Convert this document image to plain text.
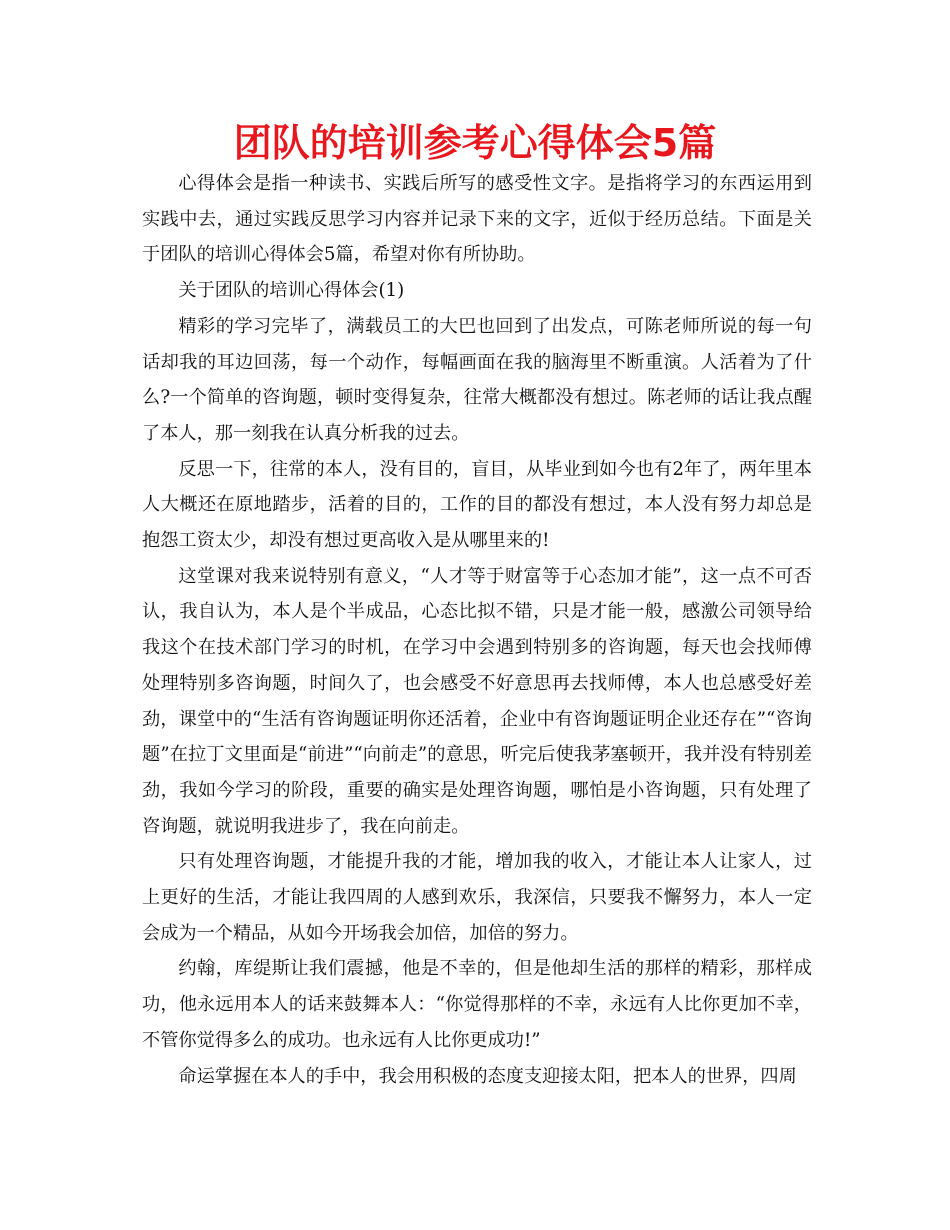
团队的培训参考心得体会5篇

心得体会是指一种读书、实践后所写的感受性文字。是指将学习的东西运用到实践中去，通过实践反思学习内容并记录下来的文字，近似于经历总结。下面是关于团队的培训心得体会5篇，希望对你有所协助。

关于团队的培训心得体会(1)

精彩的学习完毕了，满载员工的大巴也回到了出发点，可陈老师所说的每一句话却我的耳边回荡，每一个动作，每幅画面在我的脑海里不断重演。人活着为了什么?一个简单的咨询题，顿时变得复杂，往常大概都没有想过。陈老师的话让我点醒了本人，那一刻我在认真分析我的过去。

反思一下，往常的本人，没有目的，盲目，从毕业到如今也有2年了，两年里本人大概还在原地踏步，活着的目的，工作的目的都没有想过，本人没有努力却总是抱怨工资太少，却没有想过更高收入是从哪里来的!

这堂课对我来说特别有意义，“人才等于财富等于心态加才能”，这一点不可否认，我自认为，本人是个半成品，心态比拟不错，只是才能一般，感激公司领导给我这个在技术部门学习的时机，在学习中会遇到特别多的咨询题，每天也会找师傅处理特别多咨询题，时间久了，也会感受不好意思再去找师傅，本人也总感受好差劲，课堂中的“生活有咨询题证明你还活着，企业中有咨询题证明企业还存在”“咨询题”在拉丁文里面是“前进”“向前走”的意思，听完后使我茅塞顿开，我并没有特别差劲，我如今学习的阶段，重要的确实是处理咨询题，哪怕是小咨询题，只有处理了咨询题，就说明我进步了，我在向前走。

只有处理咨询题，才能提升我的才能，增加我的收入，才能让本人让家人，过上更好的生活，才能让我四周的人感到欢乐，我深信，只要我不懈努力，本人一定会成为一个精品，从如今开场我会加倍，加倍的努力。

约翰，库缇斯让我们震撼，他是不幸的，但是他却生活的那样的精彩，那样成功，他永远用本人的话来鼓舞本人：“你觉得那样的不幸，永远有人比你更加不幸，不管你觉得多么的成功。也永远有人比你更成功!”

命运掌握在本人的手中，我会用积极的态度支迎接太阳，把本人的世界，四周
